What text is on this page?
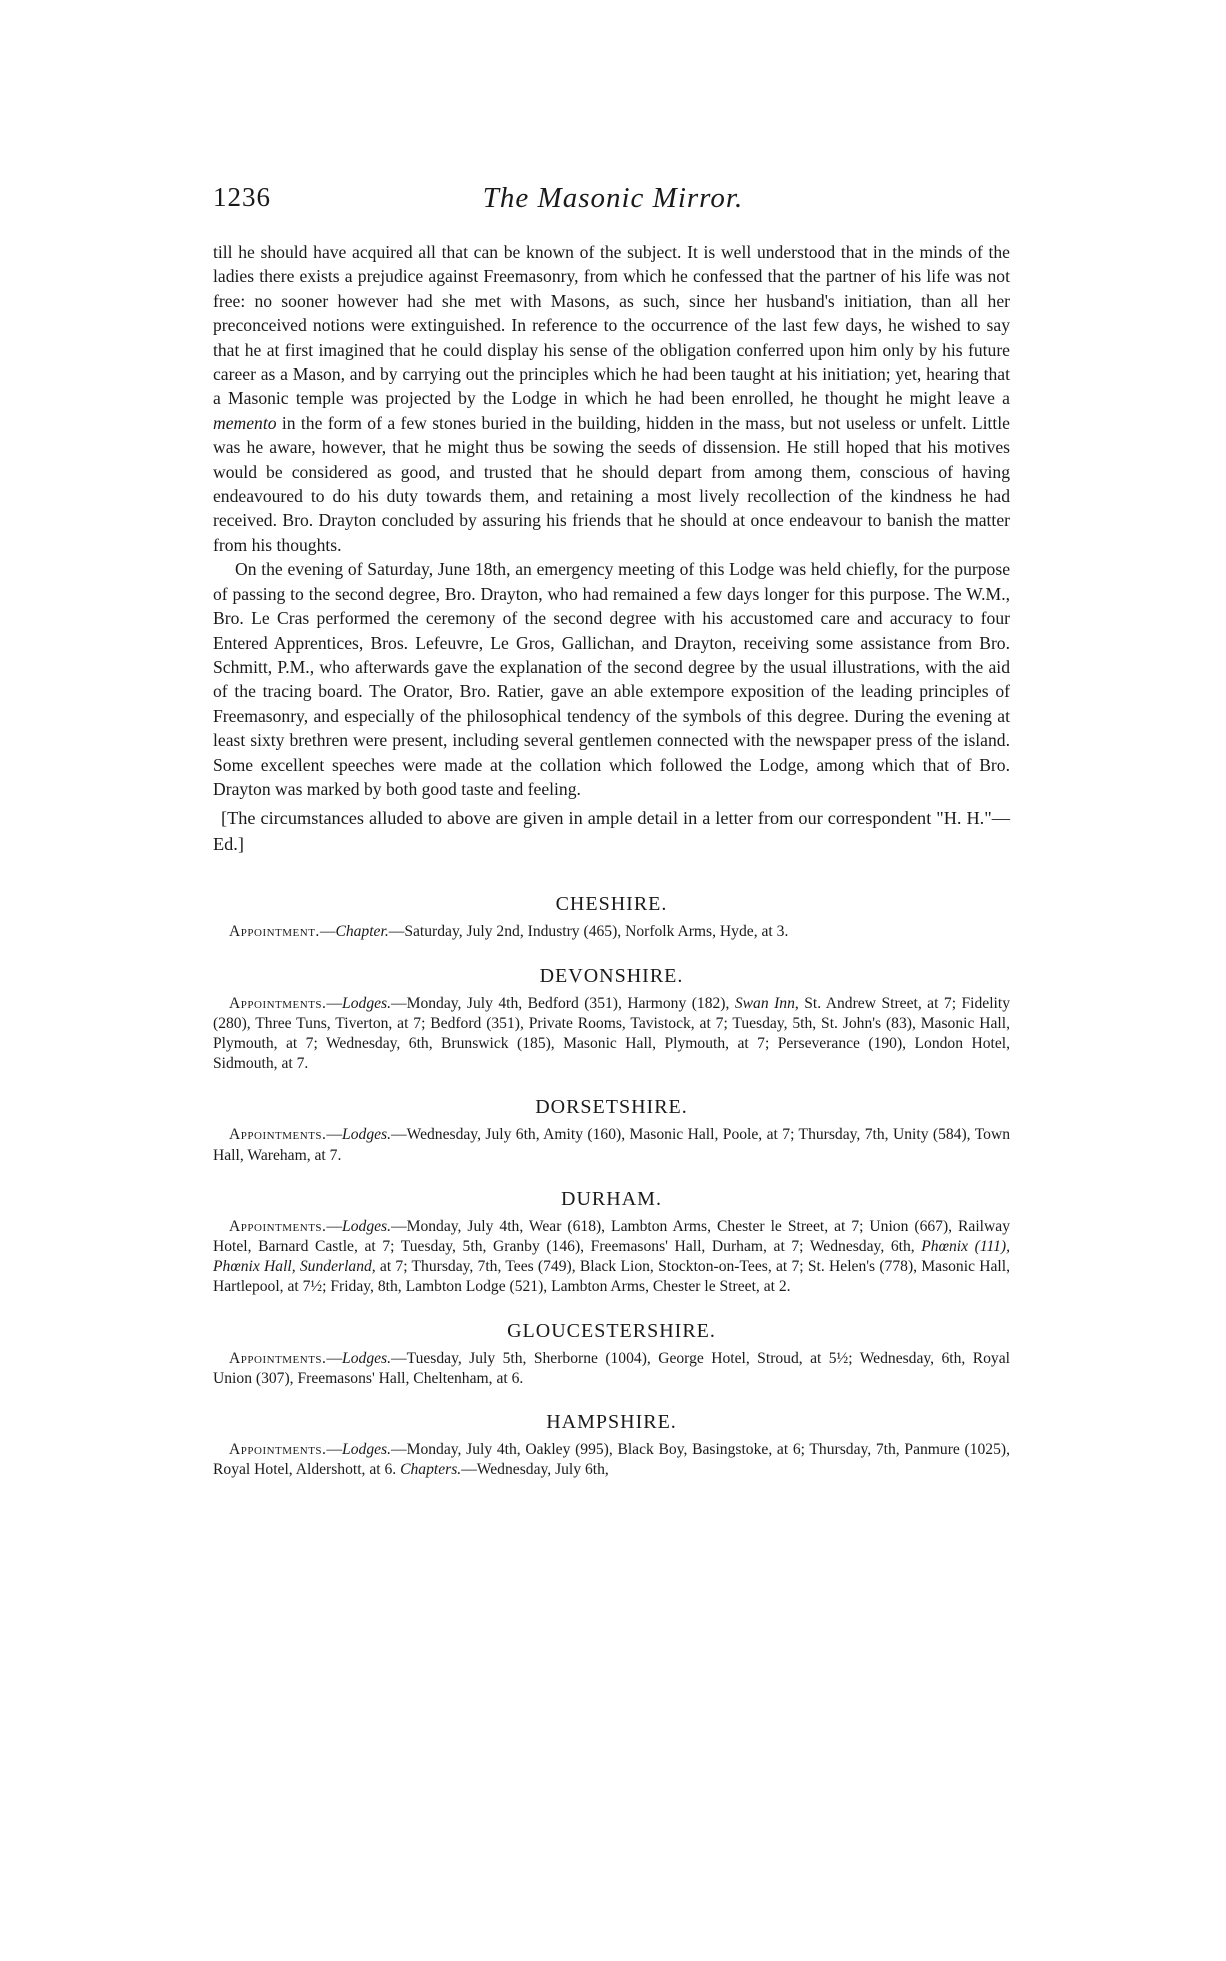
1236	The Masonic Mirror.

till he should have acquired all that can be known of the subject. It is well understood that in the minds of the ladies there exists a prejudice against Freemasonry, from which he confessed that the partner of his life was not free: no sooner however had she met with Masons, as such, since her husband's initiation, than all her preconceived notions were extinguished. In reference to the occurrence of the last few days, he wished to say that he at first imagined that he could display his sense of the obligation conferred upon him only by his future career as a Mason, and by carrying out the principles which he had been taught at his initiation; yet, hearing that a Masonic temple was projected by the Lodge in which he had been enrolled, he thought he might leave a memento in the form of a few stones buried in the building, hidden in the mass, but not useless or unfelt. Little was he aware, however, that he might thus be sowing the seeds of dissension. He still hoped that his motives would be considered as good, and trusted that he should depart from among them, conscious of having endeavoured to do his duty towards them, and retaining a most lively recollection of the kindness he had received. Bro. Drayton concluded by assuring his friends that he should at once endeavour to banish the matter from his thoughts.

On the evening of Saturday, June 18th, an emergency meeting of this Lodge was held chiefly, for the purpose of passing to the second degree, Bro. Drayton, who had remained a few days longer for this purpose. The W.M., Bro. Le Cras performed the ceremony of the second degree with his accustomed care and accuracy to four Entered Apprentices, Bros. Lefeuvre, Le Gros, Gallichan, and Drayton, receiving some assistance from Bro. Schmitt, P.M., who afterwards gave the explanation of the second degree by the usual illustrations, with the aid of the tracing board. The Orator, Bro. Ratier, gave an able extempore exposition of the leading principles of Freemasonry, and especially of the philosophical tendency of the symbols of this degree. During the evening at least sixty brethren were present, including several gentlemen connected with the newspaper press of the island. Some excellent speeches were made at the collation which followed the Lodge, among which that of Bro. Drayton was marked by both good taste and feeling.

[The circumstances alluded to above are given in ample detail in a letter from our correspondent "H. H."—Ed.]

CHESHIRE.

Appointment.—Chapter.—Saturday, July 2nd, Industry (465), Norfolk Arms, Hyde, at 3.

DEVONSHIRE.

Appointments.—Lodges.—Monday, July 4th, Bedford (351), Harmony (182), Swan Inn, St. Andrew Street, at 7; Fidelity (280), Three Tuns, Tiverton, at 7; Bedford (351), Private Rooms, Tavistock, at 7; Tuesday, 5th, St. John's (83), Masonic Hall, Plymouth, at 7; Wednesday, 6th, Brunswick (185), Masonic Hall, Plymouth, at 7; Perseverance (190), London Hotel, Sidmouth, at 7.

DORSETSHIRE.

Appointments.—Lodges.—Wednesday, July 6th, Amity (160), Masonic Hall, Poole, at 7; Thursday, 7th, Unity (584), Town Hall, Wareham, at 7.

DURHAM.

Appointments.—Lodges.—Monday, July 4th, Wear (618), Lambton Arms, Chester le Street, at 7; Union (667), Railway Hotel, Barnard Castle, at 7; Tuesday, 5th, Granby (146), Freemasons' Hall, Durham, at 7; Wednesday, 6th, Phœnix (111), Phœnix Hall, Sunderland, at 7; Thursday, 7th, Tees (749), Black Lion, Stockton-on-Tees, at 7; St. Helen's (778), Masonic Hall, Hartlepool, at 7½; Friday, 8th, Lambton Lodge (521), Lambton Arms, Chester le Street, at 2.

GLOUCESTERSHIRE.

Appointments.—Lodges.—Tuesday, July 5th, Sherborne (1004), George Hotel, Stroud, at 5½; Wednesday, 6th, Royal Union (307), Freemasons' Hall, Cheltenham, at 6.

HAMPSHIRE.

Appointments.—Lodges.—Monday, July 4th, Oakley (995), Black Boy, Basingstoke, at 6; Thursday, 7th, Panmure (1025), Royal Hotel, Aldershott, at 6. Chapters.—Wednesday, July 6th,
